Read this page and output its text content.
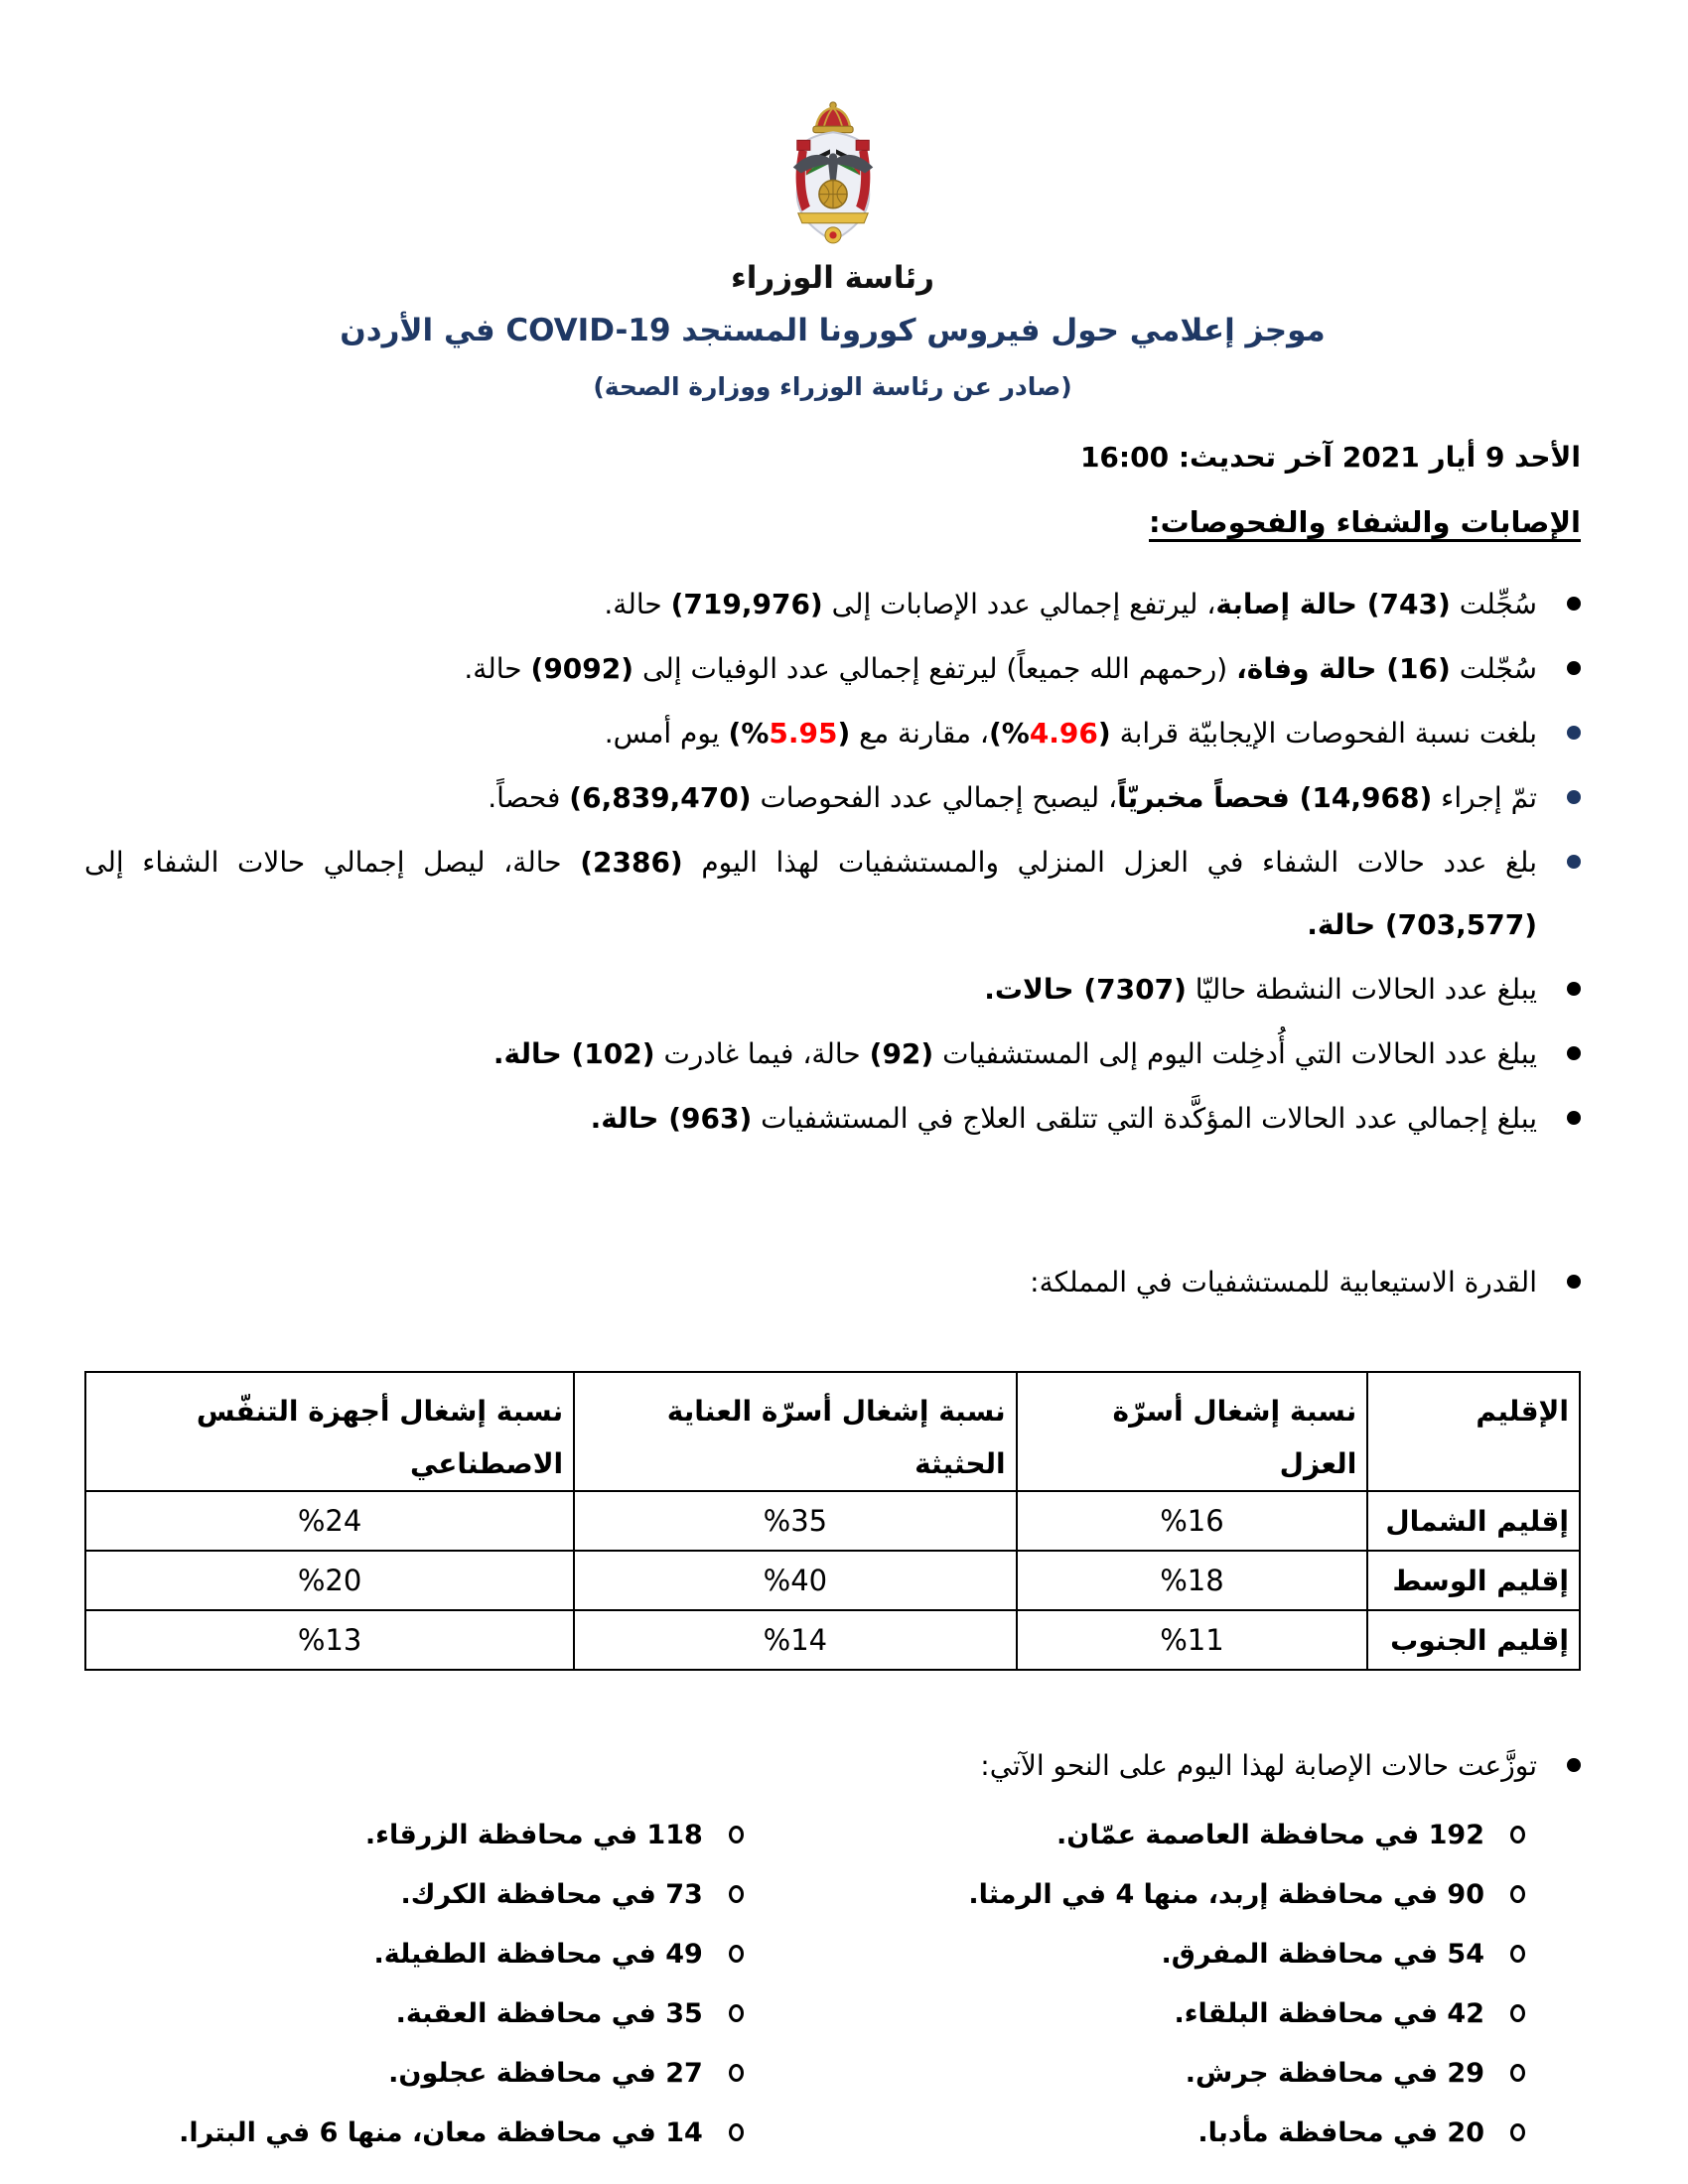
رئاسة الوزراء
موجز إعلامي حول فيروس كورونا المستجد COVID-19 في الأردن
(صادر عن رئاسة الوزراء ووزارة الصحة)
الأحد 9 أيار 2021 آخر تحديث: 16:00
الإصابات والشفاء والفحوصات:
سُجِّلت (743) حالة إصابة، ليرتفع إجمالي عدد الإصابات إلى (719,976) حالة.
سُجّلت (16) حالة وفاة، (رحمهم الله جميعاً) ليرتفع إجمالي عدد الوفيات إلى (9092) حالة.
بلغت نسبة الفحوصات الإيجابيّة قرابة (%4.96)، مقارنة مع (%5.95) يوم أمس.
تمّ إجراء (14,968) فحصاً مخبريّاً، ليصبح إجمالي عدد الفحوصات (6,839,470) فحصاً.
بلغ عدد حالات الشفاء في العزل المنزلي والمستشفيات لهذا اليوم (2386) حالة، ليصل إجمالي حالات الشفاء إلى (703,577) حالة.
يبلغ عدد الحالات النشطة حاليّا (7307) حالات.
يبلغ عدد الحالات التي أُدخِلت اليوم إلى المستشفيات (92) حالة، فيما غادرت (102) حالة.
يبلغ إجمالي عدد الحالات المؤكَّدة التي تتلقى العلاج في المستشفيات (963) حالة.
القدرة الاستيعابية للمستشفيات في المملكة:
الإقليم	نسبة إشغال أسرّة العزل	نسبة إشغال أسرّة العناية الحثيثة	نسبة إشغال أجهزة التنفّس الاصطناعي
إقليم الشمال	%16	%35	%24
إقليم الوسط	%18	%40	%20
إقليم الجنوب	%11	%14	%13
توزَّعت حالات الإصابة لهذا اليوم على النحو الآتي:
192 في محافظة العاصمة عمّان.
90 في محافظة إربد، منها 4 في الرمثا.
54 في محافظة المفرق.
42 في محافظة البلقاء.
29 في محافظة جرش.
20 في محافظة مأدبا.
118 في محافظة الزرقاء.
73 في محافظة الكرك.
49 في محافظة الطفيلة.
35 في محافظة العقبة.
27 في محافظة عجلون.
14 في محافظة معان، منها 6 في البترا.
